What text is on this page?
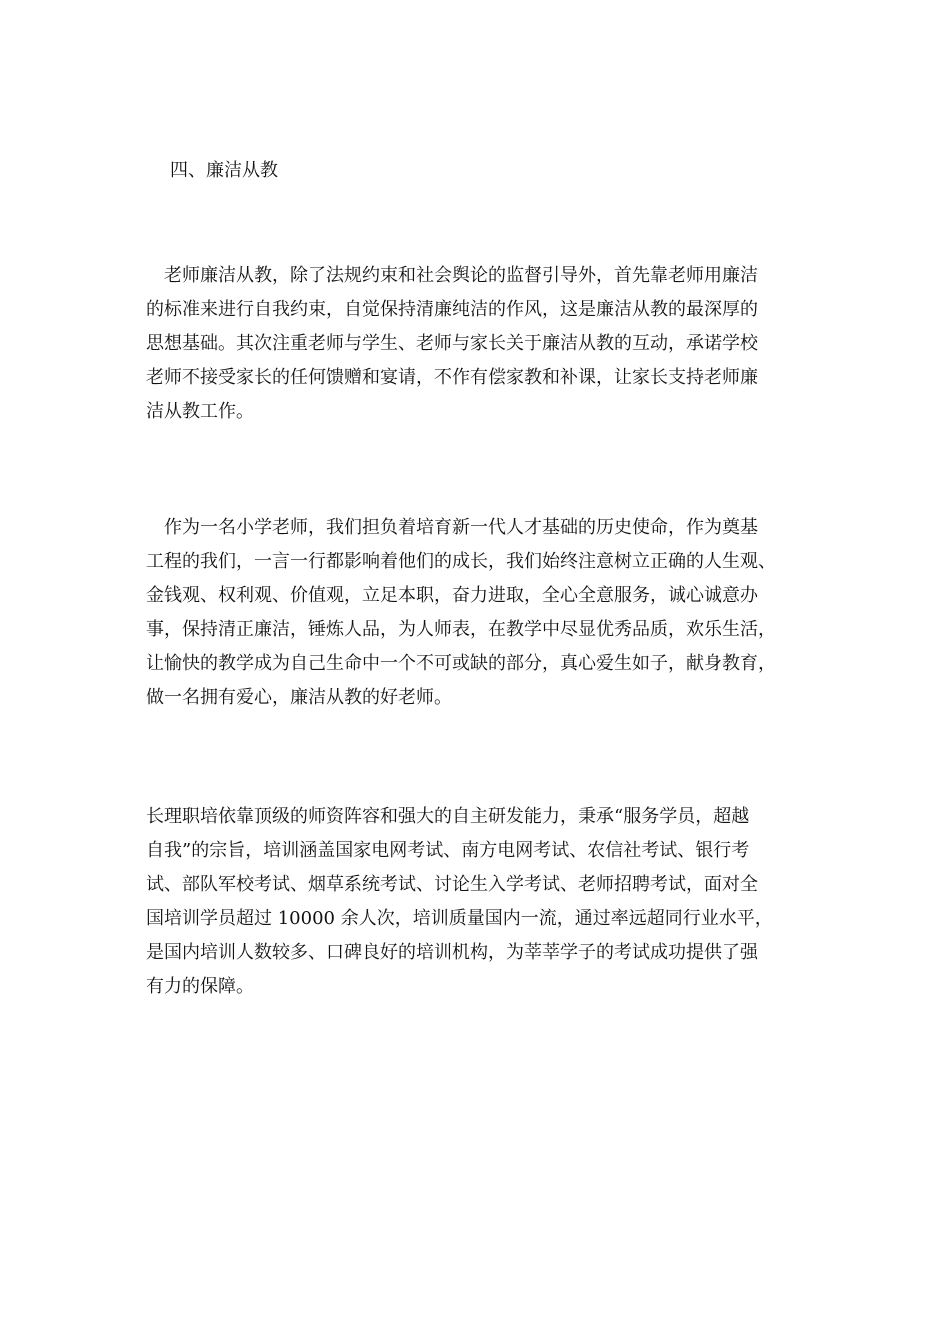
四、廉洁从教
　老师廉洁从教，除了法规约束和社会舆论的监督引导外，首先靠老师用廉洁
的标准来进行自我约束，自觉保持清廉纯洁的作风，这是廉洁从教的最深厚的
思想基础。其次注重老师与学生、老师与家长关于廉洁从教的互动，承诺学校
老师不接受家长的任何馈赠和宴请，不作有偿家教和补课，让家长支持老师廉
洁从教工作。
　作为一名小学老师，我们担负着培育新一代人才基础的历史使命，作为奠基
工程的我们，一言一行都影响着他们的成长，我们始终注意树立正确的人生观、
金钱观、权利观、价值观，立足本职，奋力进取，全心全意服务，诚心诚意办
事，保持清正廉洁，锤炼人品，为人师表，在教学中尽显优秀品质，欢乐生活，
让愉快的教学成为自己生命中一个不可或缺的部分，真心爱生如子，献身教育，
做一名拥有爱心，廉洁从教的好老师。
长理职培依靠顶级的师资阵容和强大的自主研发能力，秉承“服务学员，超越
自我”的宗旨，培训涵盖国家电网考试、南方电网考试、农信社考试、银行考
试、部队军校考试、烟草系统考试、讨论生入学考试、老师招聘考试，面对全
国培训学员超过 10000 余人次，培训质量国内一流，通过率远超同行业水平，
是国内培训人数较多、口碑良好的培训机构，为莘莘学子的考试成功提供了强
有力的保障。
